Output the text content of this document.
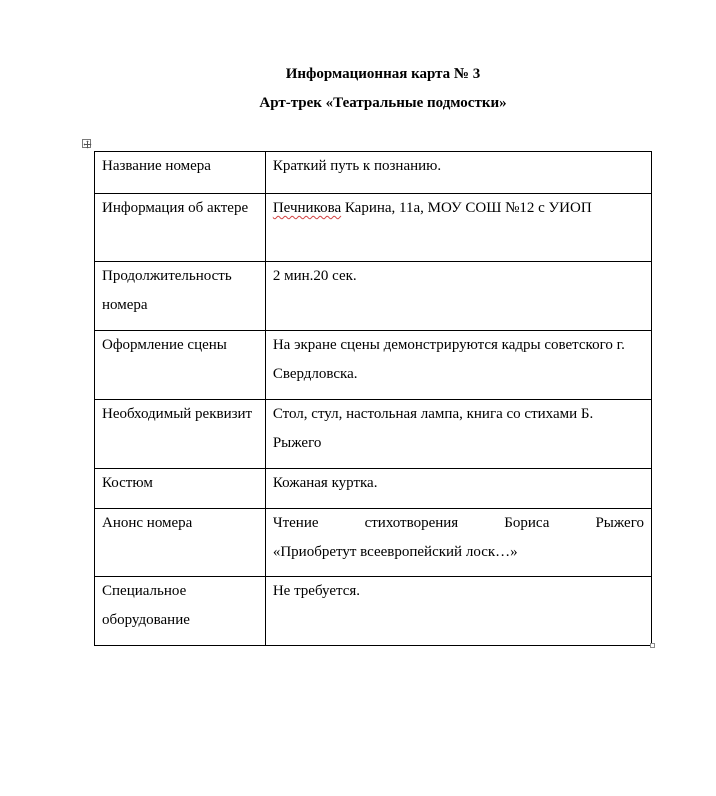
Информационная карта № 3
Арт-трек «Театральные подмостки»
Название номера	Краткий путь к познанию.

Информация об актере	Печникова Карина, 11а, МОУ СОШ №12 с УИОП

Продолжительность номера	2 мин.20 сек.

Оформление сцены	На экране сцены демонстрируются кадры советского г. Свердловска.

Необходимый реквизит	Стол, стул, настольная лампа, книга со стихами Б. Рыжего

Костюм	Кожаная куртка.

Анонс номера	Чтение стихотворения Бориса Рыжего
«Приобретут всеевропейский лоск…»

Специальное оборудование	Не требуется.
